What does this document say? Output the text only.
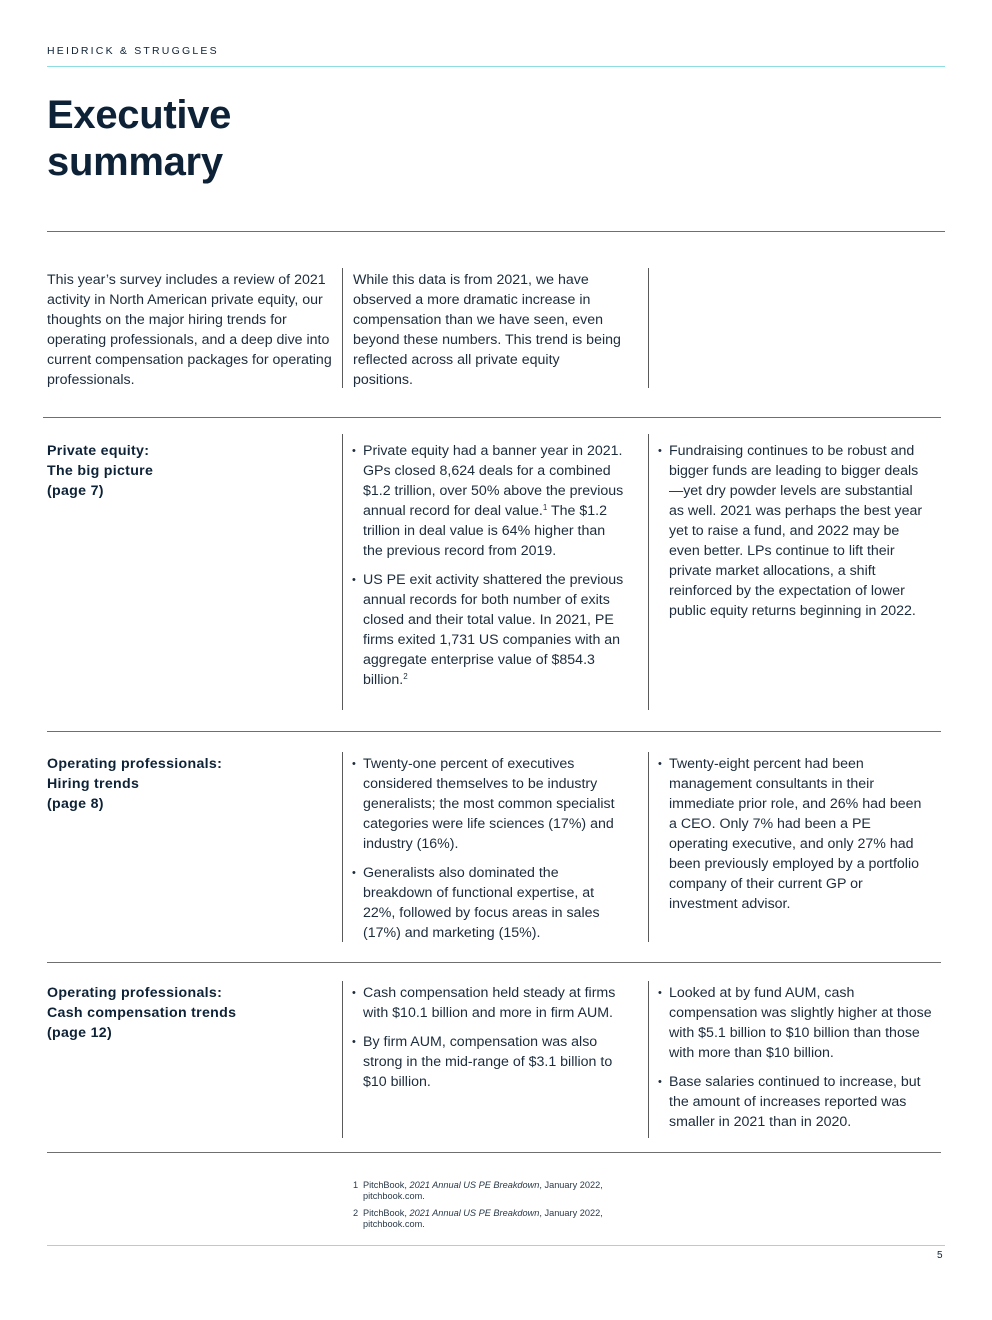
HEIDRICK & STRUGGLES
Executive
summary
This year’s survey includes a review of 2021 activity in North American private equity, our thoughts on the major hiring trends for operating professionals, and a deep dive into current compensation packages for operating professionals.
While this data is from 2021, we have observed a more dramatic increase in compensation than we have seen, even beyond these numbers. This trend is being reflected across all private equity positions.
Private equity:
The big picture
(page 7)
• Private equity had a banner year in 2021. GPs closed 8,624 deals for a combined $1.2 trillion, over 50% above the previous annual record for deal value.$^1$ The $1.2 trillion in deal value is 64% higher than the previous record from 2019.
• US PE exit activity shattered the previous annual records for both number of exits closed and their total value. In 2021, PE firms exited 1,731 US companies with an aggregate enterprise value of $854.3 billion.$^2$
• Fundraising continues to be robust and bigger funds are leading to bigger deals—yet dry powder levels are substantial as well. 2021 was perhaps the best year yet to raise a fund, and 2022 may be even better. LPs continue to lift their private market allocations, a shift reinforced by the expectation of lower public equity returns beginning in 2022.
Operating professionals:
Hiring trends
(page 8)
• Twenty-one percent of executives considered themselves to be industry generalists; the most common specialist categories were life sciences (17%) and industry (16%).
• Generalists also dominated the breakdown of functional expertise, at 22%, followed by focus areas in sales (17%) and marketing (15%).
• Twenty-eight percent had been management consultants in their immediate prior role, and 26% had been a CEO. Only 7% had been a PE operating executive, and only 27% had been previously employed by a portfolio company of their current GP or investment advisor.
Operating professionals:
Cash compensation trends
(page 12)
• Cash compensation held steady at firms with $10.1 billion and more in firm AUM.
• By firm AUM, compensation was also strong in the mid-range of $3.1 billion to $10 billion.
• Looked at by fund AUM, cash compensation was slightly higher at those with $5.1 billion to $10 billion than those with more than $10 billion.
• Base salaries continued to increase, but the amount of increases reported was smaller in 2021 than in 2020.
1 PitchBook, 2021 Annual US PE Breakdown, January 2022, pitchbook.com.
2 PitchBook, 2021 Annual US PE Breakdown, January 2022, pitchbook.com.
5
